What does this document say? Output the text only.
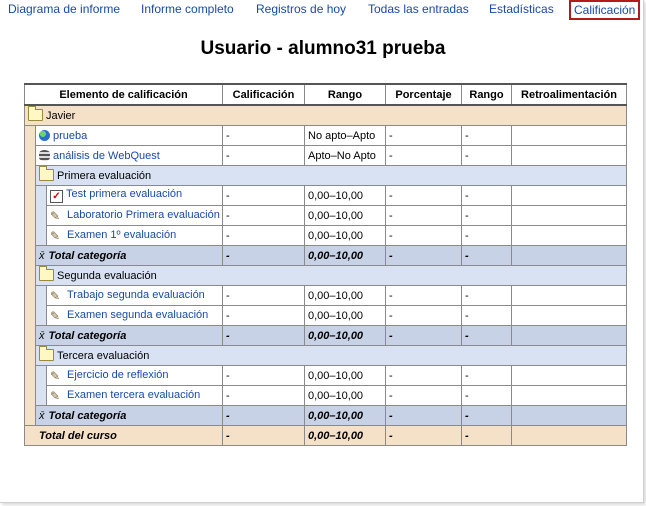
Diagrama de informe Informe completo Registros de hoy Todas las entradas Estadísticas	Calificación
Usuario - alumno31 prueba
Elemento de calificación			Calificación	Rango	Porcentaje	Rango	Retroalimentación
Javier							
	prueba		-	No apto–Apto	-	-	
	análisis de WebQuest		-	Apto–No Apto	-	-	
	Primera evaluación						
		✓ Test primera evaluación	-	0,00–10,00	-	-	
		✎ Laboratorio Primera evaluación	-	0,00–10,00	-	-	
		✎ Examen 1º evaluación	-	0,00–10,00	-	-	
	x̄ Total categoría		-	0,00–10,00	-	-	
	Segunda evaluación						
		✎ Trabajo segunda evaluación	-	0,00–10,00	-	-	
		✎ Examen segunda evaluación	-	0,00–10,00	-	-	
	x̄ Total categoría		-	0,00–10,00	-	-	
	Tercera evaluación						
		✎ Ejercicio de reflexión	-	0,00–10,00	-	-	
		✎ Examen tercera evaluación	-	0,00–10,00	-	-	
	x̄ Total categoría		-	0,00–10,00	-	-	
Total del curso			-	0,00–10,00	-	-	
